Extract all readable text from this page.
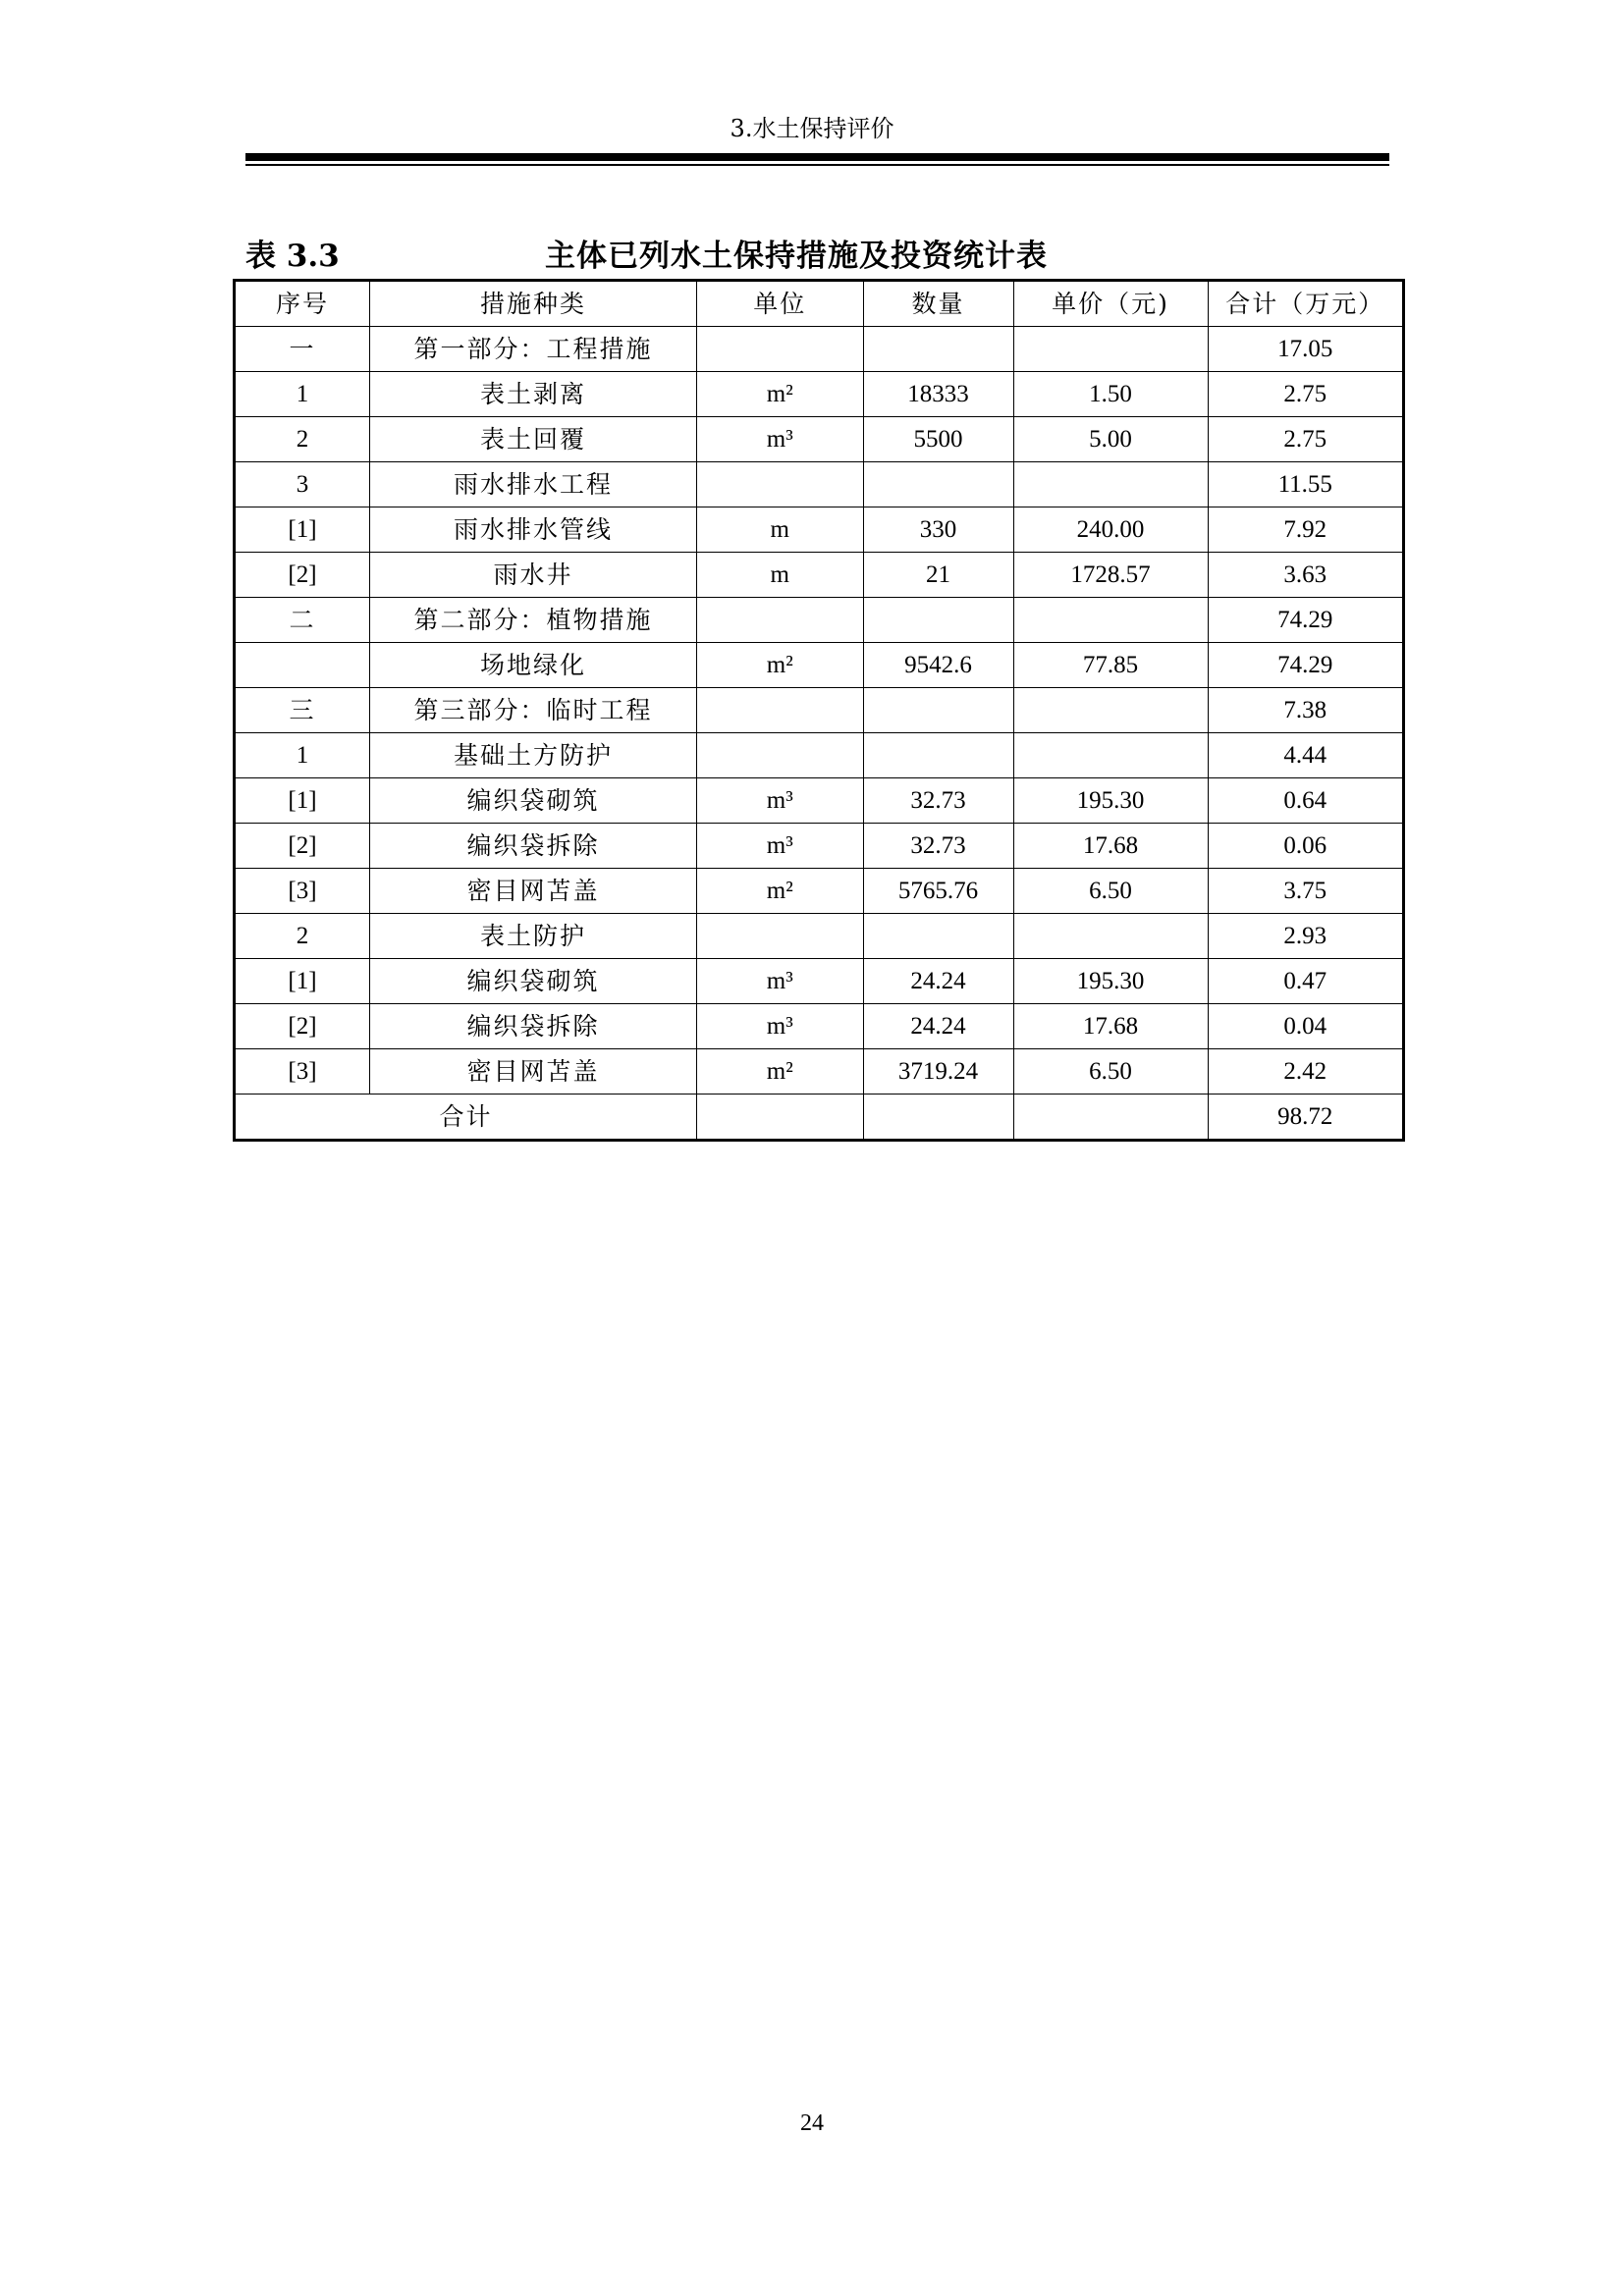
3.水土保持评价
表 3.3	主体已列水土保持措施及投资统计表
序号	措施种类	单位	数量	单价（元)	合计（万元）
一	第一部分：工程措施				17.05
1	表土剥离	m²	18333	1.50	2.75
2	表土回覆	m³	5500	5.00	2.75
3	雨水排水工程				11.55
[1]	雨水排水管线	m	330	240.00	7.92
[2]	雨水井	m	21	1728.57	3.63
二	第二部分：植物措施				74.29
	场地绿化	m²	9542.6	77.85	74.29
三	第三部分：临时工程				7.38
1	基础土方防护				4.44
[1]	编织袋砌筑	m³	32.73	195.30	0.64
[2]	编织袋拆除	m³	32.73	17.68	0.06
[3]	密目网苫盖	m²	5765.76	6.50	3.75
2	表土防护				2.93
[1]	编织袋砌筑	m³	24.24	195.30	0.47
[2]	编织袋拆除	m³	24.24	17.68	0.04
[3]	密目网苫盖	m²	3719.24	6.50	2.42
合计					98.72
24
